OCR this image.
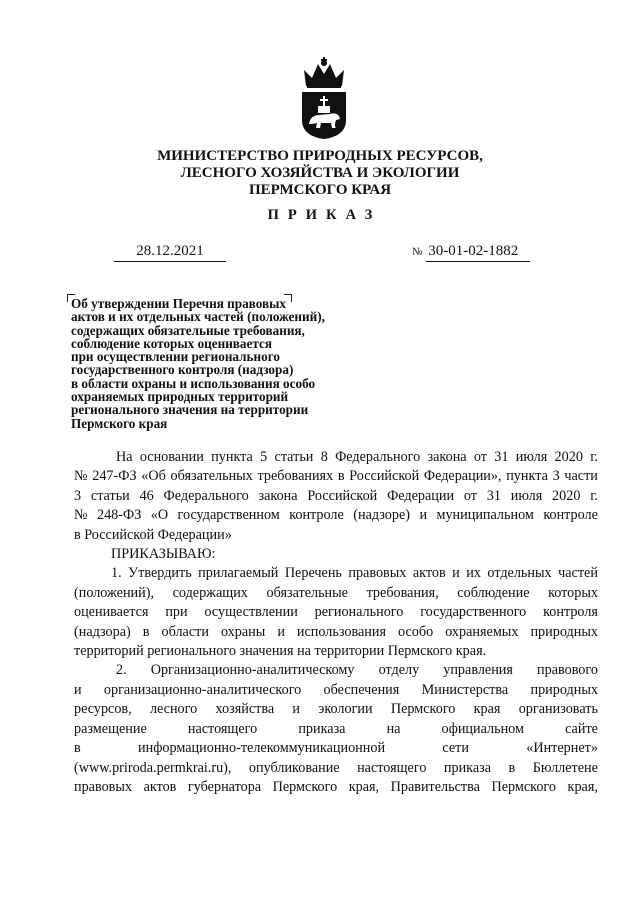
МИНИСТЕРСТВО ПРИРОДНЫХ РЕСУРСОВ,
ЛЕСНОГО ХОЗЯЙСТВА И ЭКОЛОГИИ
ПЕРМСКОГО КРАЯ
ПРИКАЗ
28.12.2021	№ 30-01-02-1882
Об утверждении Перечня правовых
актов и их отдельных частей (положений),
содержащих обязательные требования,
соблюдение которых оценивается
при осуществлении регионального
государственного контроля (надзора)
в области охраны и использования особо
охраняемых природных территорий
регионального значения на территории
Пермского края
На основании пункта 5 статьи 8 Федерального закона от 31 июля 2020 г.
№ 247-ФЗ «Об обязательных требованиях в Российской Федерации», пункта 3 части
3 статьи 46 Федерального закона Российской Федерации от 31 июля 2020 г.
№ 248-ФЗ «О государственном контроле (надзоре) и муниципальном контроле
в Российской Федерации»
ПРИКАЗЫВАЮ:
1. Утвердить прилагаемый Перечень правовых актов и их отдельных частей
(положений), содержащих обязательные требования, соблюдение которых
оценивается при осуществлении регионального государственного контроля
(надзора) в области охраны и использования особо охраняемых природных
территорий регионального значения на территории Пермского края.
2. Организационно-аналитическому отделу управления правового
и организационно-аналитического обеспечения Министерства природных
ресурсов, лесного хозяйства и экологии Пермского края организовать
размещение	настоящего	приказа	на	официальном	сайте
в	информационно-телекоммуникационной	сети	«Интернет»
(www.priroda.permkrai.ru), опубликование настоящего приказа в Бюллетене
правовых актов губернатора Пермского края, Правительства Пермского края,
